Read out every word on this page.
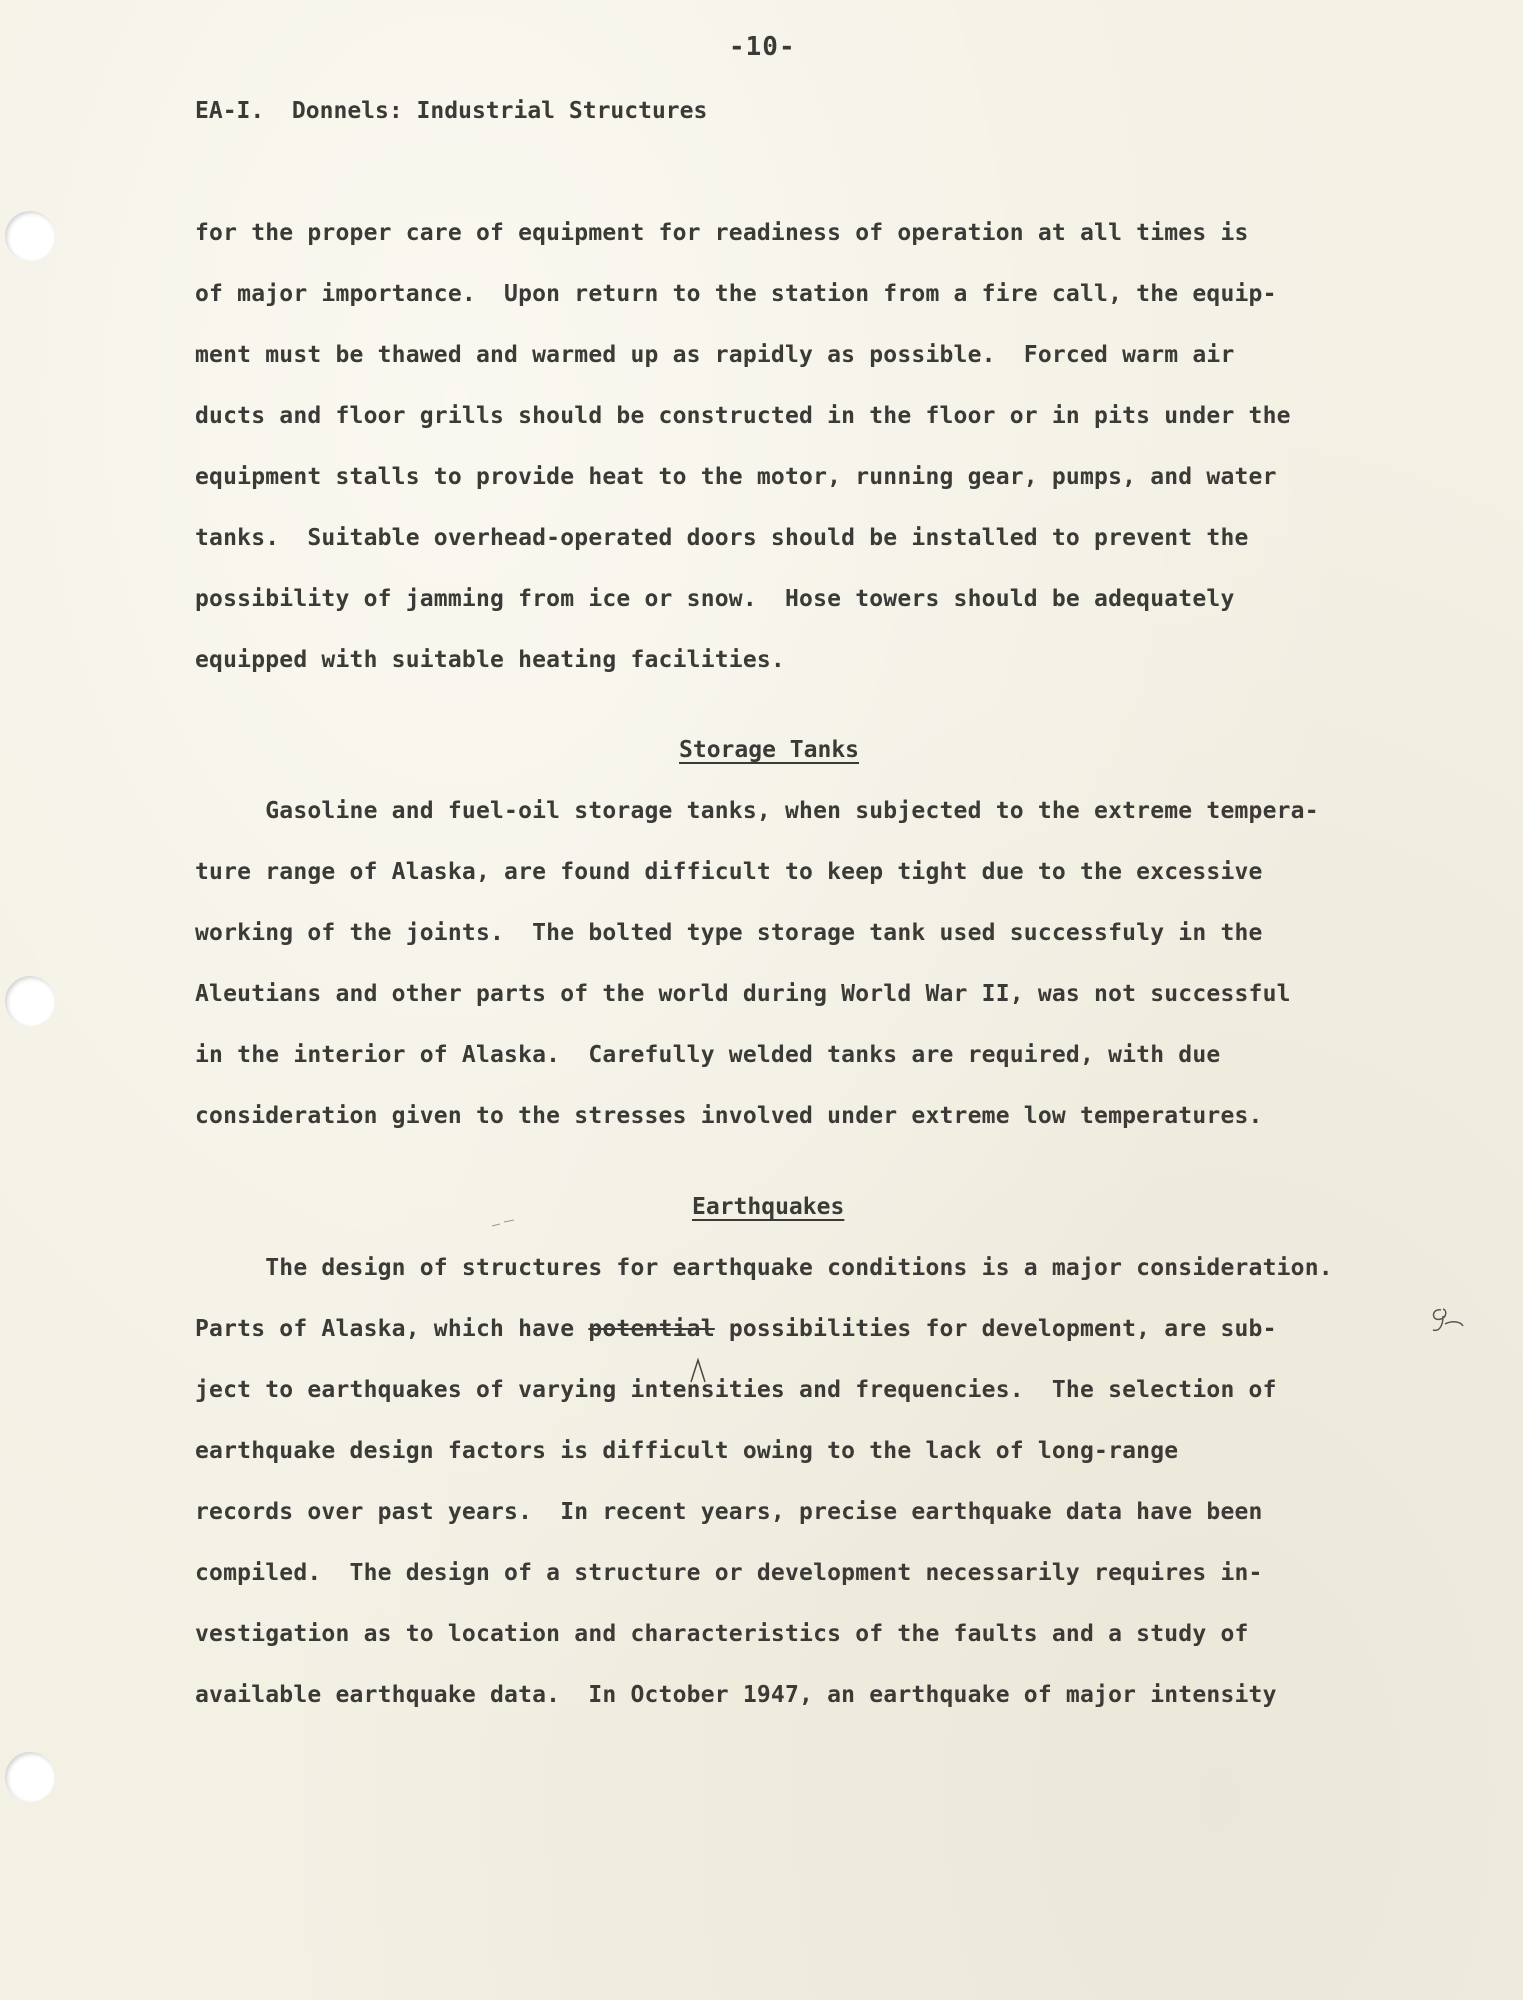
-10-
EA-I.  Donnels: Industrial Structures
for the proper care of equipment for readiness of operation at all times is
of major importance.  Upon return to the station from a fire call, the equip-
ment must be thawed and warmed up as rapidly as possible.  Forced warm air
ducts and floor grills should be constructed in the floor or in pits under the
equipment stalls to provide heat to the motor, running gear, pumps, and water
tanks.  Suitable overhead-operated doors should be installed to prevent the
possibility of jamming from ice or snow.  Hose towers should be adequately
equipped with suitable heating facilities.
Storage Tanks
Gasoline and fuel-oil storage tanks, when subjected to the extreme tempera-
ture range of Alaska, are found difficult to keep tight due to the excessive
working of the joints.  The bolted type storage tank used successfuly in the
Aleutians and other parts of the world during World War II, was not successful
in the interior of Alaska.  Carefully welded tanks are required, with due
consideration given to the stresses involved under extreme low temperatures.
Earthquakes
The design of structures for earthquake conditions is a major consideration.
Parts of Alaska, which have potential possibilities for development, are sub-
ject to earthquakes of varying intensities and frequencies.  The selection of
earthquake design factors is difficult owing to the lack of long-range
records over past years.  In recent years, precise earthquake data have been
compiled.  The design of a structure or development necessarily requires in-
vestigation as to location and characteristics of the faults and a study of
available earthquake data.  In October 1947, an earthquake of major intensity
